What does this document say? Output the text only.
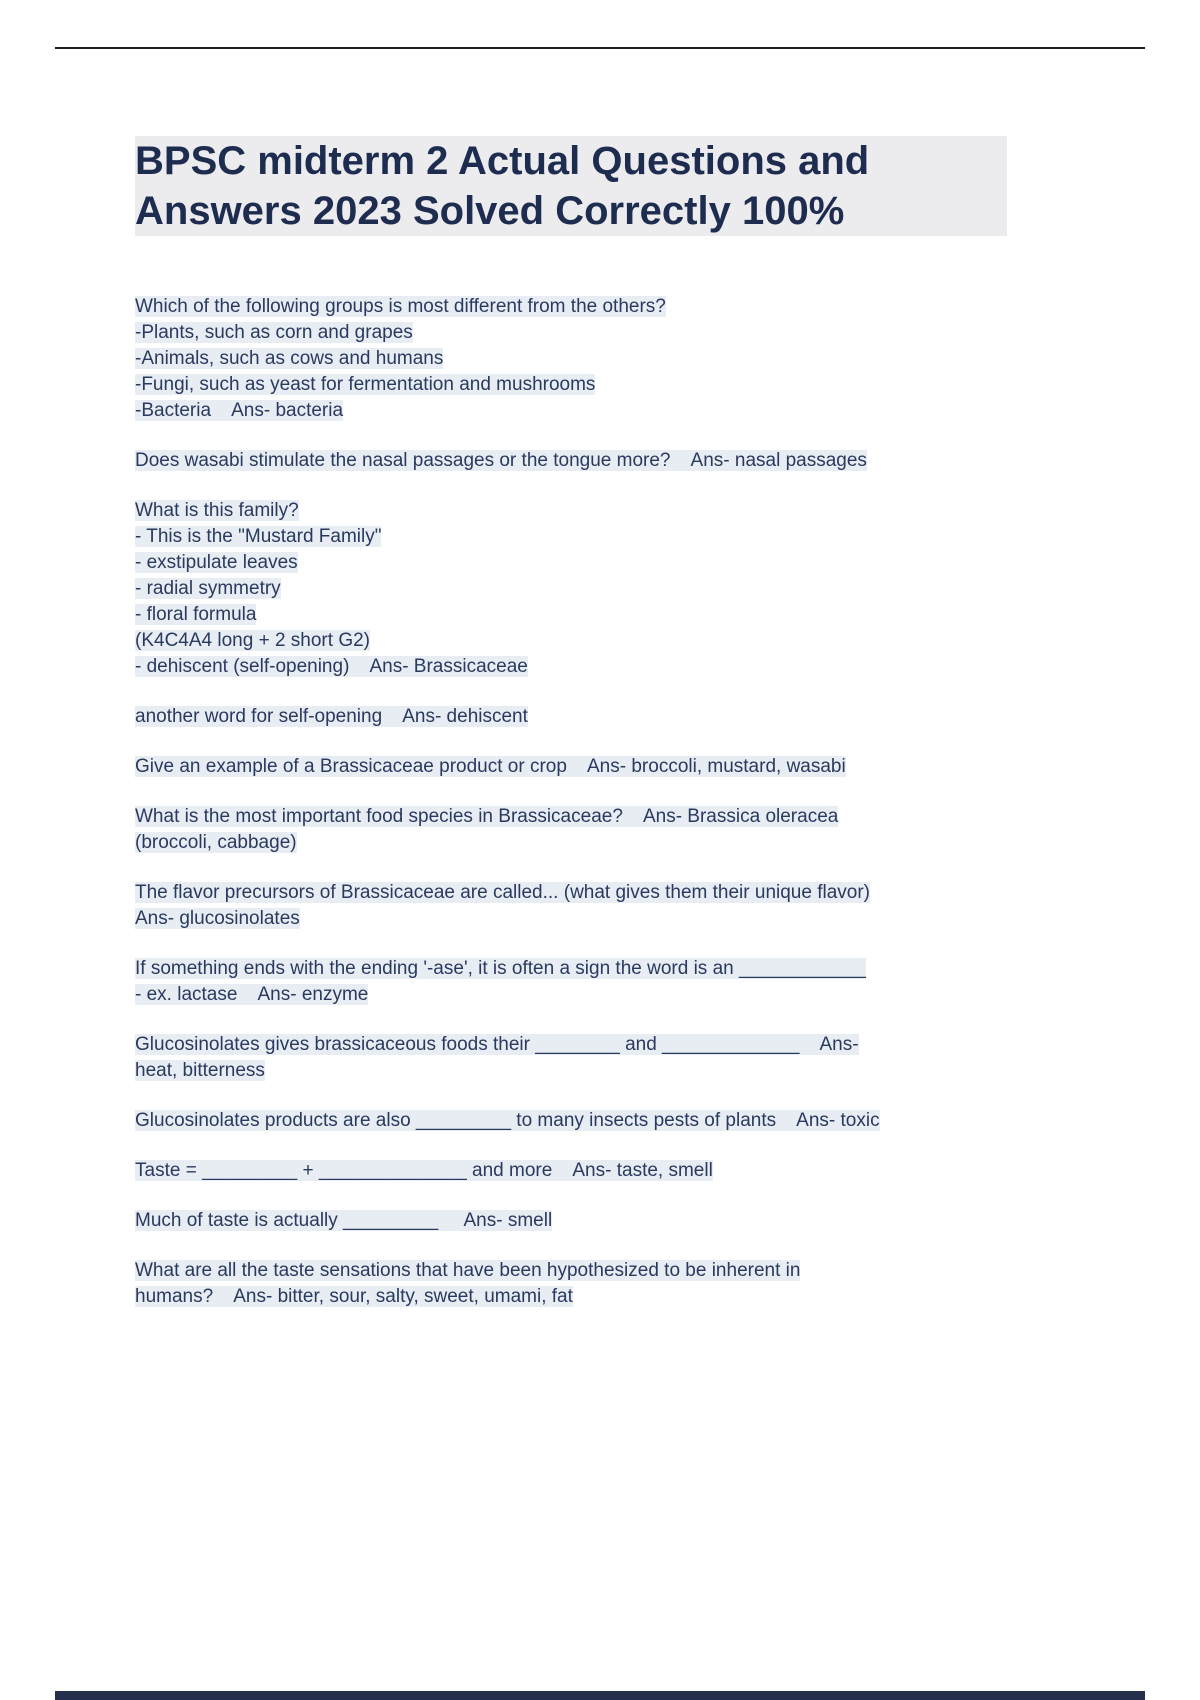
BPSC midterm 2 Actual Questions and
Answers 2023 Solved Correctly 100%
Which of the following groups is most different from the others?
-Plants, such as corn and grapes
-Animals, such as cows and humans
-Fungi, such as yeast for fermentation and mushrooms
-Bacteria    Ans- bacteria
Does wasabi stimulate the nasal passages or the tongue more?    Ans- nasal passages
What is this family?
- This is the "Mustard Family"
- exstipulate leaves
- radial symmetry
- floral formula
(K4C4A4 long + 2 short G2)
- dehiscent (self-opening)    Ans- Brassicaceae
another word for self-opening    Ans- dehiscent
Give an example of a Brassicaceae product or crop    Ans- broccoli, mustard, wasabi
What is the most important food species in Brassicaceae?    Ans- Brassica oleracea
(broccoli, cabbage)
The flavor precursors of Brassicaceae are called... (what gives them their unique flavor)
Ans- glucosinolates
If something ends with the ending '-ase', it is often a sign the word is an ____________
- ex. lactase    Ans- enzyme
Glucosinolates gives brassicaceous foods their ________ and _____________    Ans-
heat, bitterness
Glucosinolates products are also _________ to many insects pests of plants    Ans- toxic
Taste = _________ + ______________ and more    Ans- taste, smell
Much of taste is actually _________     Ans- smell
What are all the taste sensations that have been hypothesized to be inherent in
humans?    Ans- bitter, sour, salty, sweet, umami, fat
